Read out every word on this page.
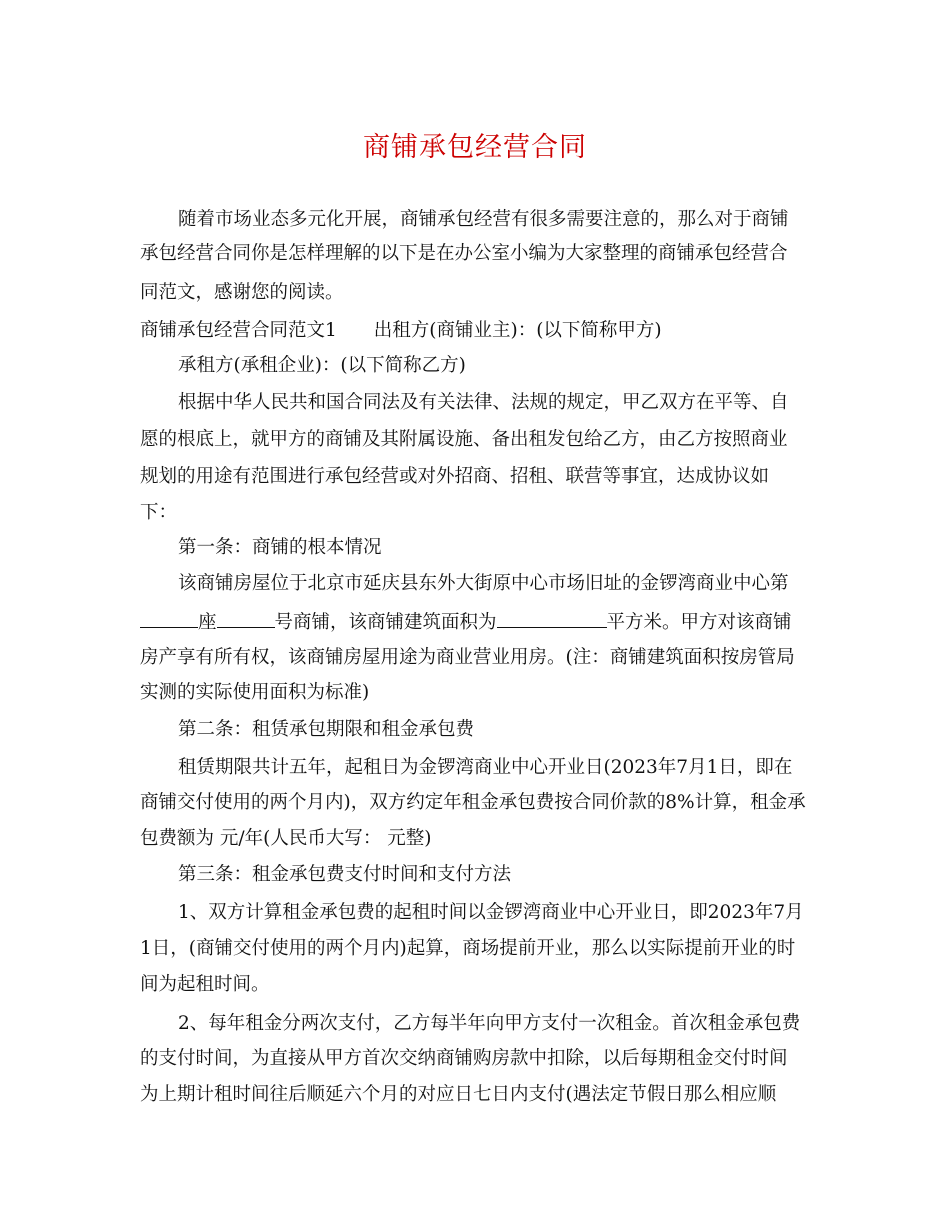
商铺承包经营合同
随着市场业态多元化开展，商铺承包经营有很多需要注意的，那么对于商铺
承包经营合同你是怎样理解的以下是在办公室小编为大家整理的商铺承包经营合
同范文，感谢您的阅读。
商铺承包经营合同范文1　　出租方(商铺业主)：(以下简称甲方)
承租方(承租企业)：(以下简称乙方)
根据中华人民共和国合同法及有关法律、法规的规定，甲乙双方在平等、自
愿的根底上，就甲方的商铺及其附属设施、备出租发包给乙方，由乙方按照商业
规划的用途有范围进行承包经营或对外招商、招租、联营等事宜，达成协议如
下：
第一条：商铺的根本情况
该商铺房屋位于北京市延庆县东外大街原中心市场旧址的金锣湾商业中心第
座	号商铺，该商铺建筑面积为	平方米。甲方对该商铺
房产享有所有权，该商铺房屋用途为商业营业用房。(注：商铺建筑面积按房管局
实测的实际使用面积为标准)
第二条：租赁承包期限和租金承包费
租赁期限共计五年，起租日为金锣湾商业中心开业日(2023年7月1日，即在
商铺交付使用的两个月内)，双方约定年租金承包费按合同价款的8%计算，租金承
包费额为 元/年(人民币大写： 元整)
第三条：租金承包费支付时间和支付方法
1、双方计算租金承包费的起租时间以金锣湾商业中心开业日，即2023年7月
1日，(商铺交付使用的两个月内)起算，商场提前开业，那么以实际提前开业的时
间为起租时间。
2、每年租金分两次支付，乙方每半年向甲方支付一次租金。首次租金承包费
的支付时间，为直接从甲方首次交纳商铺购房款中扣除，以后每期租金交付时间
为上期计租时间往后顺延六个月的对应日七日内支付(遇法定节假日那么相应顺
